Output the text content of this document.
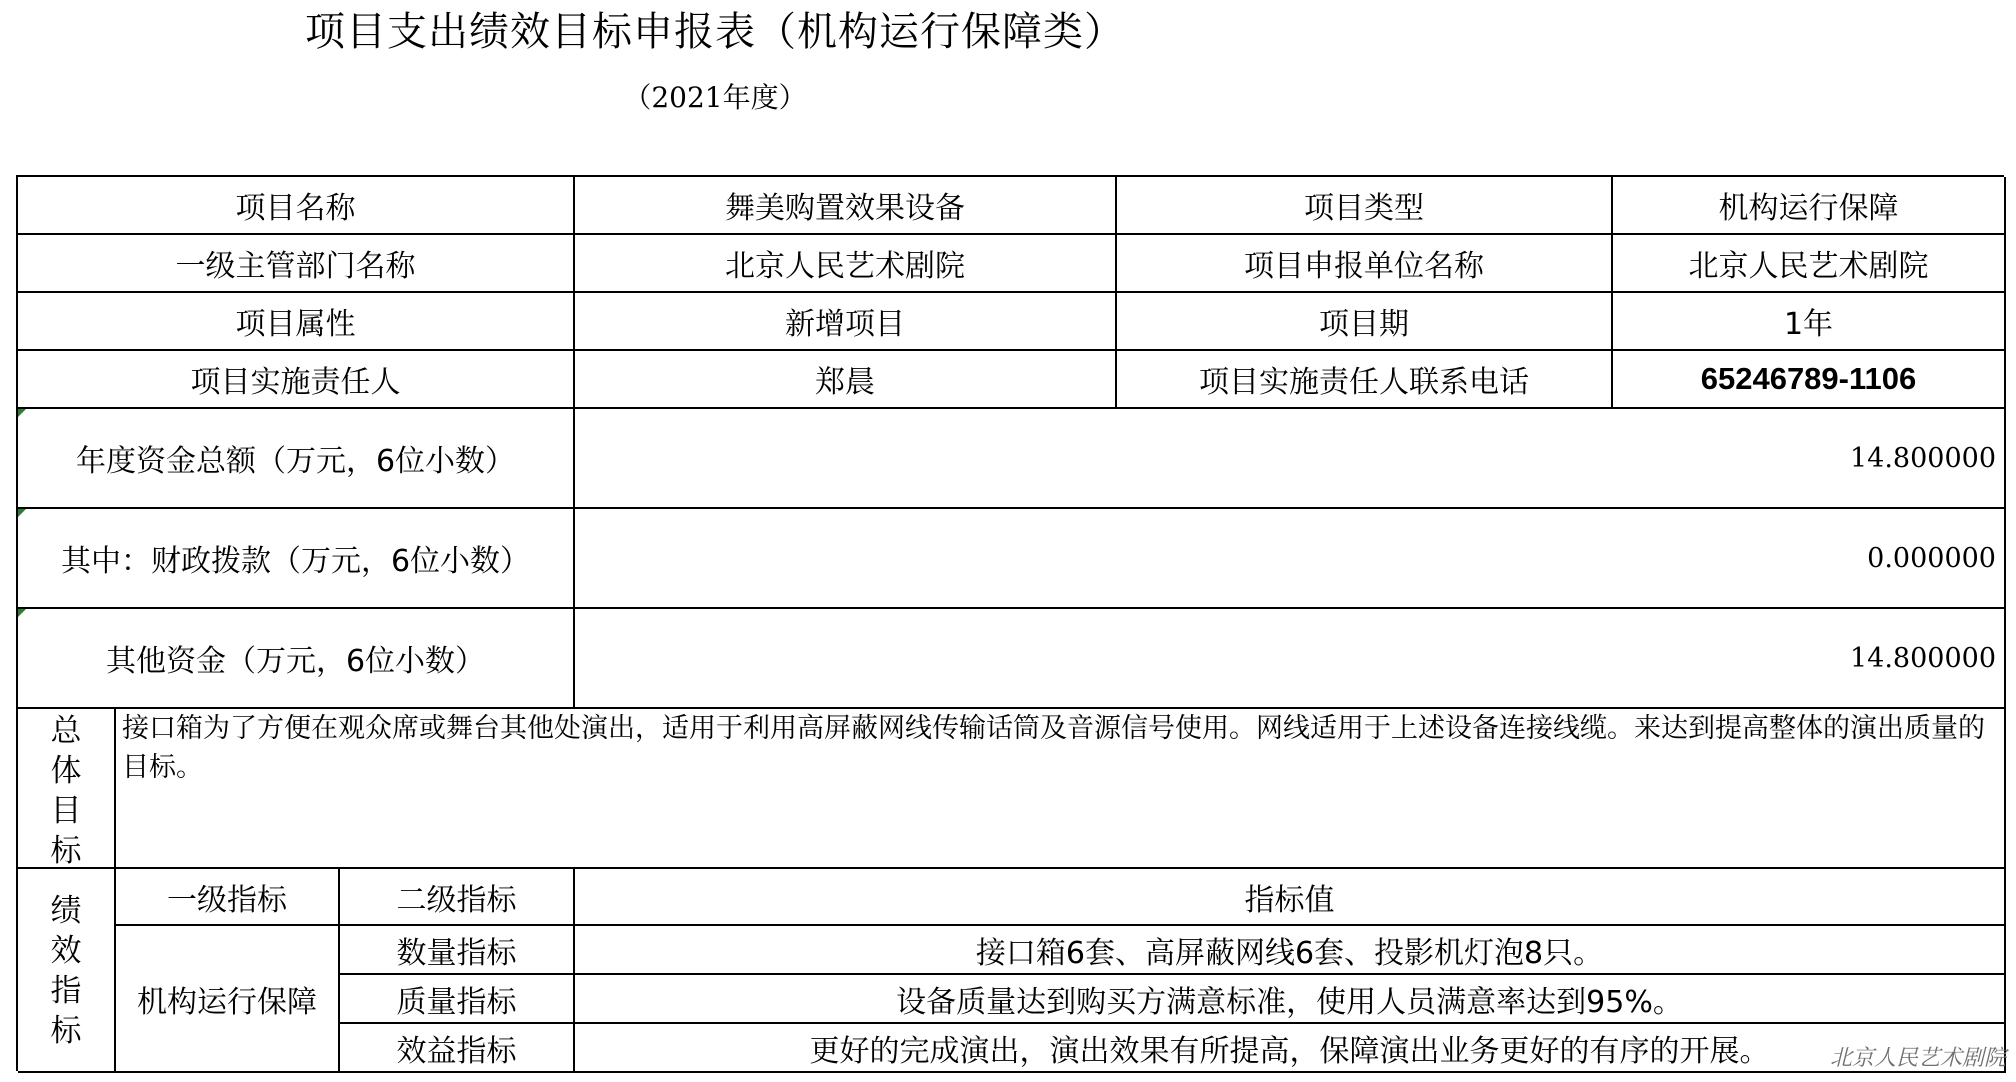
项目支出绩效目标申报表（机构运行保障类）
（2021年度）
项目名称	舞美购置效果设备	项目类型	机构运行保障
一级主管部门名称	北京人民艺术剧院	项目申报单位名称	北京人民艺术剧院
项目属性	新增项目	项目期	1年
项目实施责任人	郑晨	项目实施责任人联系电话	65246789-1106
年度资金总额（万元，6位小数）	14.800000
其中：财政拨款（万元，6位小数）	0.000000
其他资金（万元，6位小数）	14.800000
总
体
目
标
接口箱为了方便在观众席或舞台其他处演出，适用于利用高屏蔽网线传输话筒及音源信号使用。网线适用于上述设备连接线缆。来达到提高整体的演出质量的目标。
绩
效
指
标
一级指标	二级指标	指标值
机构运行保障
数量指标	接口箱6套、高屏蔽网线6套、投影机灯泡8只。
质量指标	设备质量达到购买方满意标准，使用人员满意率达到95%。
效益指标	更好的完成演出，演出效果有所提高，保障演出业务更好的有序的开展。	北京人民艺术剧院
